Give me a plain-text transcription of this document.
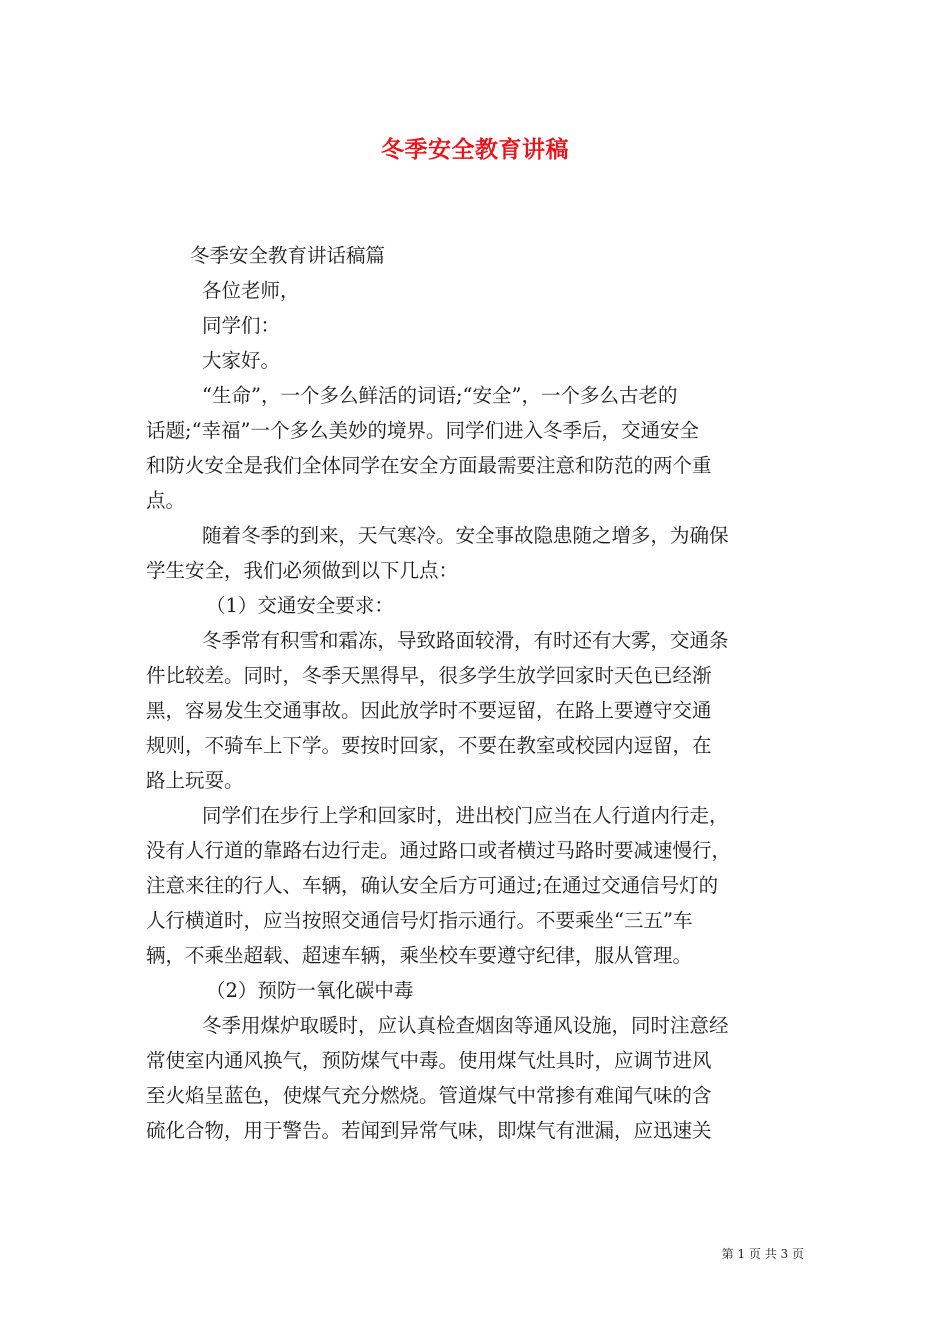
冬季安全教育讲稿
冬季安全教育讲话稿篇
各位老师，
同学们：
大家好。
“生命”，一个多么鲜活的词语;“安全”，一个多么古老的
话题;“幸福”一个多么美妙的境界。同学们进入冬季后，交通安全
和防火安全是我们全体同学在安全方面最需要注意和防范的两个重
点。
随着冬季的到来，天气寒冷。安全事故隐患随之增多，为确保
学生安全，我们必须做到以下几点：
（1）交通安全要求：
冬季常有积雪和霜冻，导致路面较滑，有时还有大雾，交通条
件比较差。同时，冬季天黑得早，很多学生放学回家时天色已经渐
黑，容易发生交通事故。因此放学时不要逗留，在路上要遵守交通
规则，不骑车上下学。要按时回家，不要在教室或校园内逗留，在
路上玩耍。
同学们在步行上学和回家时，进出校门应当在人行道内行走，
没有人行道的靠路右边行走。通过路口或者横过马路时要减速慢行，
注意来往的行人、车辆，确认安全后方可通过;在通过交通信号灯的
人行横道时，应当按照交通信号灯指示通行。不要乘坐“三五”车
辆，不乘坐超载、超速车辆，乘坐校车要遵守纪律，服从管理。
（2）预防一氧化碳中毒
冬季用煤炉取暖时，应认真检查烟囱等通风设施，同时注意经
常使室内通风换气，预防煤气中毒。使用煤气灶具时，应调节进风
至火焰呈蓝色，使煤气充分燃烧。管道煤气中常掺有难闻气味的含
硫化合物，用于警告。若闻到异常气味，即煤气有泄漏，应迅速关
第 1 页 共 3 页
